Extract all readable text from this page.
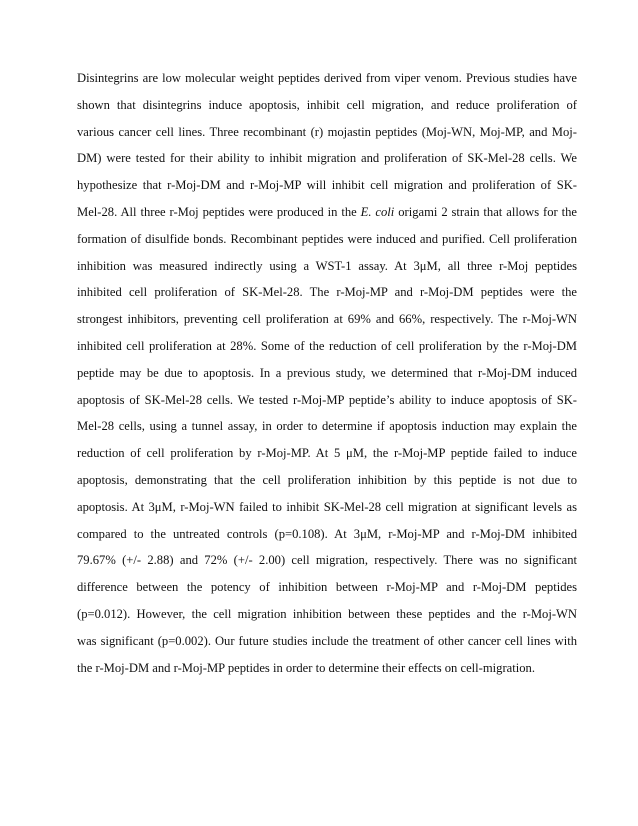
Disintegrins are low molecular weight peptides derived from viper venom. Previous studies have
shown that disintegrins induce apoptosis, inhibit cell migration, and reduce proliferation of
various cancer cell lines. Three recombinant (r) mojastin peptides (Moj-WN, Moj-MP, and Moj-
DM) were tested for their ability to inhibit migration and proliferation of SK-Mel-28 cells. We
hypothesize that r-Moj-DM and r-Moj-MP will inhibit cell migration and proliferation of SK-
Mel-28. All three r-Moj peptides were produced in the E. coli origami 2 strain that allows for the
formation of disulfide bonds. Recombinant peptides were induced and purified. Cell proliferation
inhibition was measured indirectly using a WST-1 assay. At 3μM, all three r-Moj peptides
inhibited cell proliferation of SK-Mel-28. The r-Moj-MP and r-Moj-DM peptides were the
strongest inhibitors, preventing cell proliferation at 69% and 66%, respectively. The r-Moj-WN
inhibited cell proliferation at 28%. Some of the reduction of cell proliferation by the r-Moj-DM
peptide may be due to apoptosis. In a previous study, we determined that r-Moj-DM induced
apoptosis of SK-Mel-28 cells. We tested r-Moj-MP peptide’s ability to induce apoptosis of SK-
Mel-28 cells, using a tunnel assay, in order to determine if apoptosis induction may explain the
reduction of cell proliferation by r-Moj-MP. At 5 μM, the r-Moj-MP peptide failed to induce
apoptosis, demonstrating that the cell proliferation inhibition by this peptide is not due to
apoptosis. At 3μM, r-Moj-WN failed to inhibit SK-Mel-28 cell migration at significant levels as
compared to the untreated controls (p=0.108). At 3μM, r-Moj-MP and r-Moj-DM inhibited
79.67% (+/- 2.88) and 72% (+/- 2.00) cell migration, respectively. There was no significant
difference between the potency of inhibition between r-Moj-MP and r-Moj-DM peptides
(p=0.012). However, the cell migration inhibition between these peptides and the r-Moj-WN
was significant (p=0.002). Our future studies include the treatment of other cancer cell lines with
the r-Moj-DM and r-Moj-MP peptides in order to determine their effects on cell-migration.
